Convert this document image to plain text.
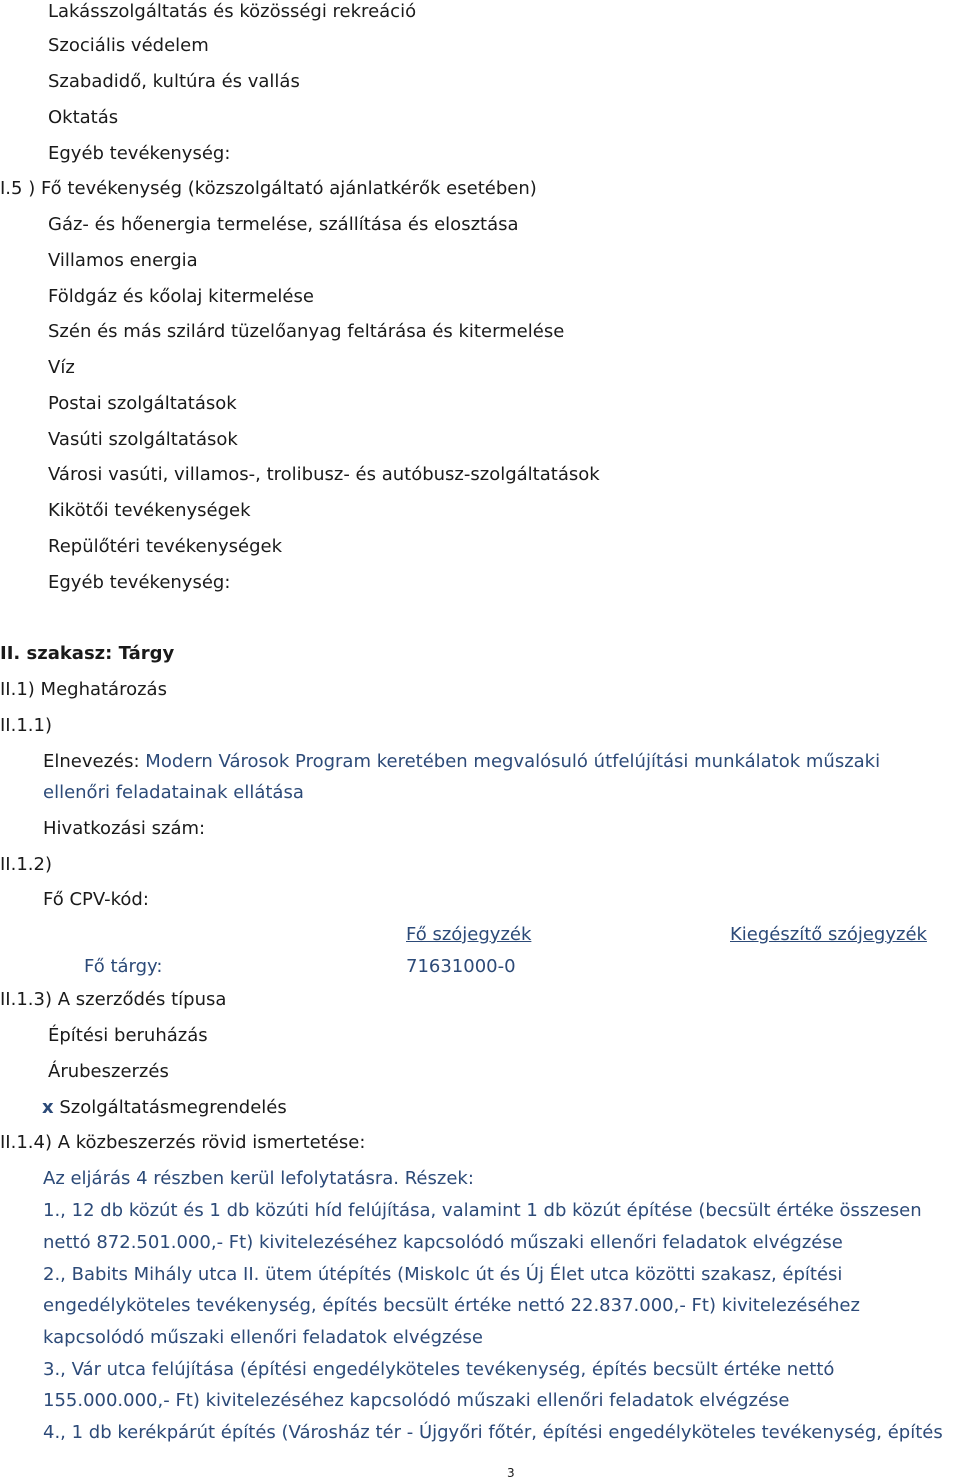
Lakásszolgáltatás és közösségi rekreáció
Szociális védelem
Szabadidő, kultúra és vallás
Oktatás
Egyéb tevékenység:
I.5 ) Fő tevékenység (közszolgáltató ajánlatkérők esetében)
Gáz- és hőenergia termelése, szállítása és elosztása
Villamos energia
Földgáz és kőolaj kitermelése
Szén és más szilárd tüzelőanyag feltárása és kitermelése
Víz
Postai szolgáltatások
Vasúti szolgáltatások
Városi vasúti, villamos-, trolibusz- és autóbusz-szolgáltatások
Kikötői tevékenységek
Repülőtéri tevékenységek
Egyéb tevékenység:
II. szakasz: Tárgy
II.1) Meghatározás
II.1.1)
Elnevezés: Modern Városok Program keretében megvalósuló útfelújítási munkálatok műszaki
ellenőri feladatainak ellátása
Hivatkozási szám:
II.1.2)
Fő CPV-kód:
Fő szójegyzék	Kiegészítő szójegyzék
Fő tárgy:	71631000-0
II.1.3) A szerződés típusa
Építési beruházás
Árubeszerzés
x Szolgáltatásmegrendelés
II.1.4) A közbeszerzés rövid ismertetése:
Az eljárás 4 részben kerül lefolytatásra. Részek:
1., 12 db közút és 1 db közúti híd felújítása, valamint 1 db közút építése (becsült értéke összesen
nettó 872.501.000,- Ft) kivitelezéséhez kapcsolódó műszaki ellenőri feladatok elvégzése
2., Babits Mihály utca II. ütem útépítés (Miskolc út és Új Élet utca közötti szakasz, építési
engedélyköteles tevékenység, építés becsült értéke nettó 22.837.000,- Ft) kivitelezéséhez
kapcsolódó műszaki ellenőri feladatok elvégzése
3., Vár utca felújítása (építési engedélyköteles tevékenység, építés becsült értéke nettó
155.000.000,- Ft) kivitelezéséhez kapcsolódó műszaki ellenőri feladatok elvégzése
4., 1 db kerékpárút építés (Városház tér - Újgyőri főtér, építési engedélyköteles tevékenység, építés
3
